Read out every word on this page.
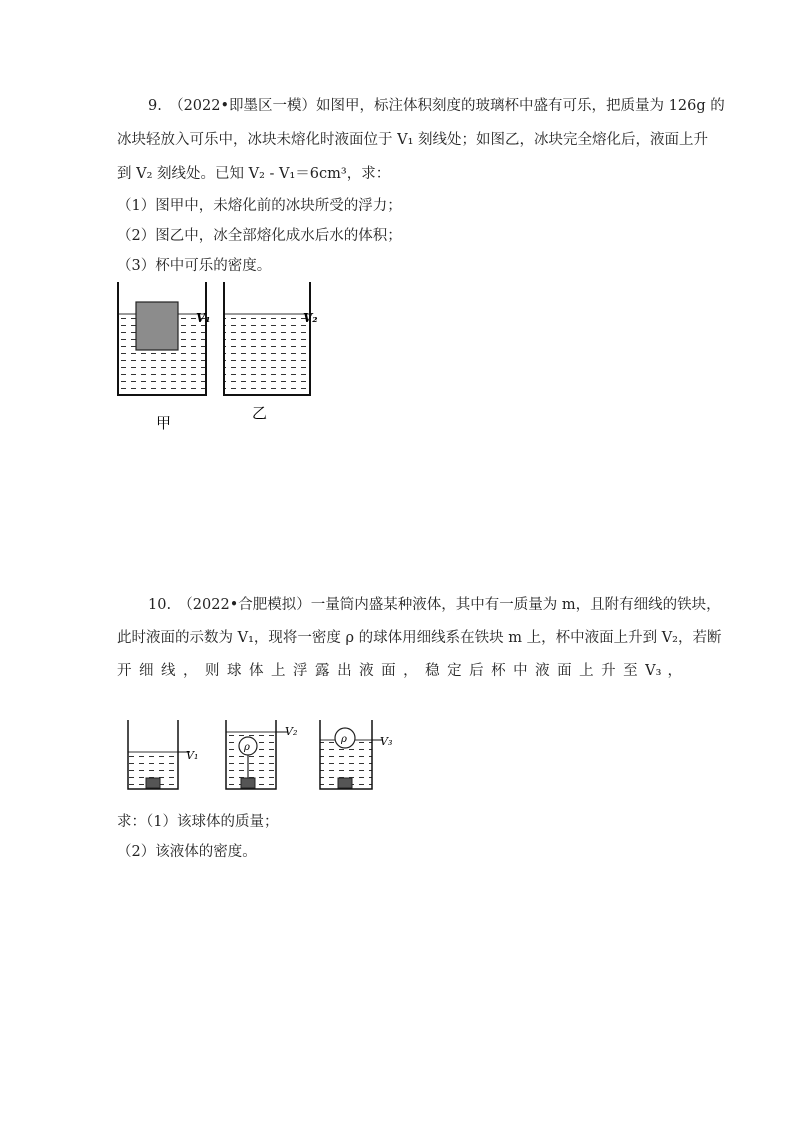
9.　（2022•即墨区一模）如图甲，标注体积刻度的玻璃杯中盛有可乐，把质量为 126g 的
冰块轻放入可乐中，冰块未熔化时液面位于 V₁ 刻线处；如图乙，冰块完全熔化后，液面上升
到 V₂ 刻线处。已知 V₂ - V₁＝6cm³，求：
（1）图甲中，未熔化前的冰块所受的浮力；
（2）图乙中，冰全部熔化成水后水的体积；
（3）杯中可乐的密度。
V₁	V₂
甲
乙
10.　（2022•合肥模拟）一量筒内盛某种液体，其中有一质量为 m，且附有细线的铁块，
此时液面的示数为 V₁，现将一密度 ρ 的球体用细线系在铁块 m 上，杯中液面上升到 V₂，若断
开 细 线 ， 则 球 体 上 浮 露 出 液 面 ， 稳 定 后 杯 中 液 面 上 升 至 V₃ ，
V₁
ρ
V₂
ρ	V₃
求：（1）该球体的质量；
（2）该液体的密度。
